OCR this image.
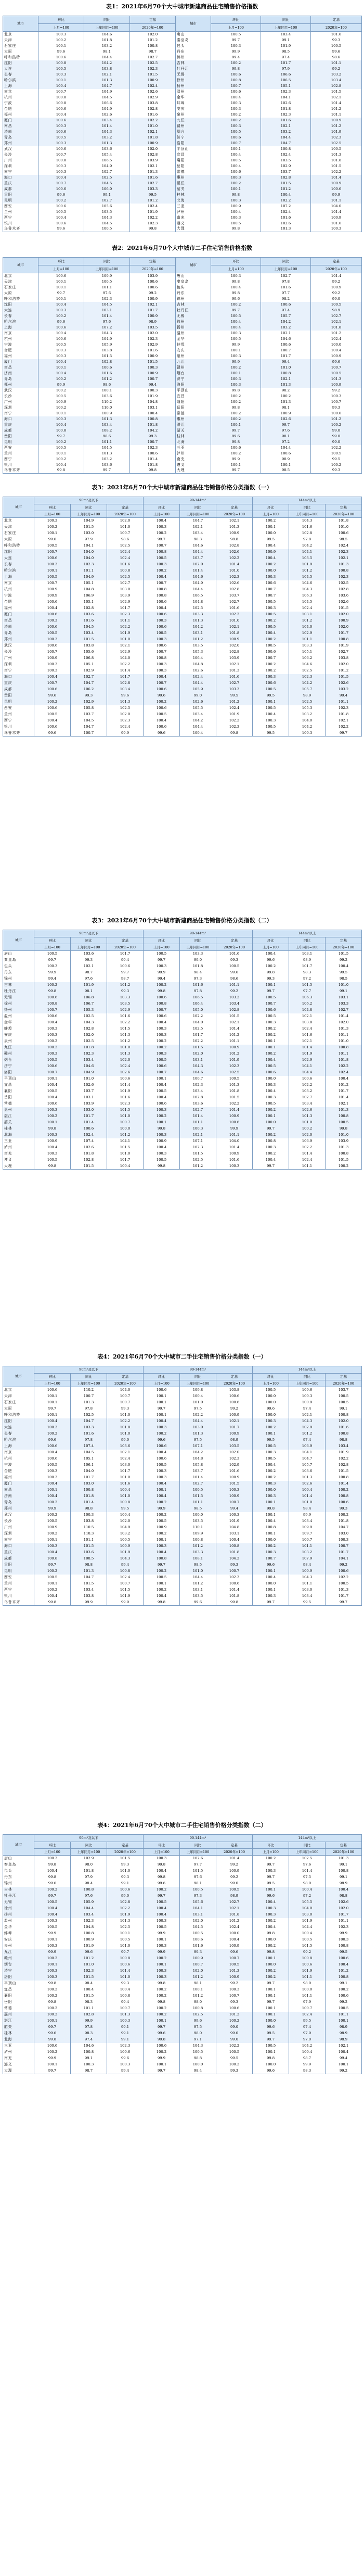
表1：2021年6月70个大中城市新建商品住宅销售价格指数
城市	环比	同比	定基	城市	环比	同比	定基
	上月=100	上年同月=100	2020年=100		上月=100	上年同月=100	2020年=100
北京	100.3	104.6	102.0	唐山	100.5	103.4	101.6
天津	100.2	101.8	101.2	秦皇岛	99.7	99.1	99.3
石家庄	100.1	103.2	100.8	包头	100.3	101.9	100.5
太原	99.6	98.1	98.7	丹东	99.9	98.5	99.6
呼和浩特	100.6	104.4	102.7	锦州	99.4	97.4	98.6
沈阳	100.8	104.2	102.5	吉林	100.2	101.7	101.1
大连	100.5	103.8	102.3	牡丹江	99.8	97.9	99.2
长春	100.3	102.1	101.5	无锡	100.6	106.6	103.2
哈尔滨	100.1	101.3	100.9	徐州	100.8	106.5	103.4
上海	100.4	104.7	102.4	扬州	100.7	105.1	102.8
南京	100.7	104.9	102.6	温州	100.6	102.3	101.5
杭州	100.8	104.5	102.9	金华	100.4	104.1	102.1
宁波	100.8	106.6	103.8	蚌埠	100.3	102.6	101.4
合肥	100.6	104.9	102.8	安庆	100.3	101.8	101.2
福州	100.4	102.6	101.6	泉州	100.2	102.3	101.1
厦门	100.6	103.4	102.2	九江	100.2	101.6	100.9
南昌	100.3	101.4	101.0	赣州	100.3	102.1	101.2
济南	100.6	104.3	102.1	烟台	100.5	103.2	101.9
青岛	100.5	103.2	101.8	济宁	100.6	104.4	102.3
郑州	100.3	101.3	100.9	洛阳	100.7	104.7	102.5
武汉	100.6	103.6	102.0	平顶山	100.1	100.8	100.5
长沙	100.7	105.4	102.8	宜昌	100.4	102.4	101.3
广州	100.8	106.5	103.9	襄阳	100.5	103.5	101.8
深圳	100.3	104.9	102.1	岳阳	100.4	102.9	101.5
南宁	100.3	102.7	101.3	常德	100.6	103.7	102.2
海口	100.4	102.5	101.6	惠州	100.3	102.8	101.4
重庆	100.7	104.5	102.7	湛江	100.2	101.5	100.9
成都	100.6	106.0	103.3	韶关	100.1	101.2	100.6
贵阳	99.6	99.1	99.5	桂林	99.8	100.4	99.9
昆明	100.2	102.7	101.2	北海	100.3	102.2	101.1
西安	100.6	105.6	102.4	三亚	100.9	107.2	104.0
兰州	100.5	103.5	101.9	泸州	100.4	102.4	101.4
西宁	100.4	104.3	102.2	南充	100.3	101.6	100.9
银川	100.6	104.5	102.3	遵义	100.5	102.6	101.6
乌鲁木齐	99.6	100.5	99.8	大理	99.8	101.3	100.3
表2：2021年6月70个大中城市二手住宅销售价格指数
城市	环比	同比	定基	城市	环比	同比	定基
	上月=100	上年同月=100	2020年=100		上月=100	上年同月=100	2020年=100
北京	100.6	109.9	103.9	唐山	100.3	102.7	101.4
天津	100.1	100.5	100.6	秦皇岛	99.8	97.8	99.2
石家庄	100.1	101.1	100.6	包头	100.4	101.6	100.9
太原	99.7	97.6	99.2	丹东	99.8	97.7	99.2
呼和浩特	100.1	102.3	100.9	锦州	99.6	98.2	99.0
沈阳	100.4	104.5	102.1	吉林	100.2	100.6	100.5
大连	100.3	103.1	101.7	牡丹江	99.7	97.4	98.9
长春	100.2	101.4	100.9	无锡	100.5	105.7	102.7
哈尔滨	99.6	97.6	98.9	徐州	100.4	104.2	102.1
上海	100.6	107.2	103.5	扬州	100.4	103.2	101.8
南京	100.4	104.3	102.0	温州	100.3	102.1	101.2
杭州	100.6	104.9	102.3	金华	100.5	104.6	102.4
宁波	100.5	105.9	102.9	蚌埠	99.9	100.6	100.0
合肥	100.3	103.8	101.6	安庆	100.1	100.7	100.4
福州	100.3	101.5	100.9	泉州	100.3	101.7	100.9
厦门	100.4	102.8	101.5	九江	99.9	99.4	99.6
南昌	100.1	100.6	100.3	赣州	100.2	101.0	100.7
济南	100.4	101.6	100.9	烟台	100.1	100.8	100.5
青岛	100.2	101.2	100.7	济宁	100.3	102.1	101.3
郑州	99.9	98.6	99.4	洛阳	100.3	101.3	100.9
武汉	100.2	100.1	100.3	平顶山	99.8	98.2	99.2
长沙	100.5	103.6	101.9	宜昌	100.2	100.2	100.3
广州	100.9	110.2	104.8	襄阳	100.2	101.3	100.7
深圳	100.2	110.0	103.1	岳阳	99.8	98.1	99.3
南宁	100.1	100.9	100.4	常德	100.2	100.9	100.6
海口	100.3	101.3	100.8	惠州	100.2	102.6	101.2
重庆	100.4	103.4	101.8	湛江	100.1	99.7	100.2
成都	100.8	108.2	104.2	韶关	99.7	97.6	99.0
贵阳	99.7	98.6	99.3	桂林	99.6	98.1	99.0
昆明	100.2	101.1	100.7	北海	99.8	97.2	99.0
西安	100.5	104.5	102.3	三亚	100.6	104.4	102.2
兰州	100.1	101.3	100.6	泸州	100.2	100.6	100.5
西宁	100.2	103.2	101.4	南充	99.9	98.9	99.5
银川	100.4	103.6	101.8	遵义	100.1	100.1	100.2
乌鲁木齐	99.8	99.7	99.8	大理	99.7	98.5	99.3
表3：2021年6月70个大中城市新建商品住宅销售价格分类指数（一）
城市	90m²及以下			90-144m²			144m²以上		
	环比	同比	定基	环比	同比	定基	环比	同比	定基
	上月=100	上年同月=100	2020年=100	上月=100	上年同月=100	2020年=100	上月=100	上年同月=100	2020年=100
北京	100.3	104.9	102.0	100.4	104.7	102.1	100.2	104.3	101.8
天津	100.2	101.5	101.0	100.3	102.1	101.3	100.1	101.6	101.0
石家庄	100.1	103.0	100.7	100.2	103.4	100.9	100.0	102.8	100.6
太原	99.6	97.9	98.6	99.7	98.3	98.8	99.5	97.8	98.5
呼和浩特	100.5	104.1	102.5	100.7	104.6	102.8	100.4	104.2	102.4
沈阳	100.7	104.0	102.4	100.8	104.4	102.6	100.9	104.1	102.3
大连	100.6	104.0	102.4	100.5	103.7	102.2	100.4	103.5	102.1
长春	100.3	102.3	101.6	100.3	102.0	101.4	100.2	101.9	101.3
哈尔滨	100.1	101.1	100.8	100.2	101.4	101.0	100.0	101.2	100.8
上海	100.5	104.9	102.5	100.4	104.6	102.3	100.3	104.5	102.3
南京	100.7	105.1	102.7	100.7	104.9	102.6	100.6	104.6	102.5
杭州	100.9	104.8	103.0	100.8	104.4	102.8	100.7	104.3	102.8
宁波	100.9	106.9	103.9	100.8	106.5	103.7	100.7	106.3	103.6
合肥	100.6	105.1	102.9	100.6	104.8	102.7	100.5	104.5	102.6
福州	100.4	102.8	101.7	100.4	102.5	101.6	100.3	102.4	101.5
厦门	100.6	103.6	102.3	100.6	103.3	102.2	100.5	103.1	102.0
南昌	100.3	101.6	101.1	100.3	101.3	101.0	100.2	101.2	100.9
济南	100.6	104.5	102.2	100.6	104.2	102.1	100.5	104.0	102.0
青岛	100.5	103.4	101.9	100.5	103.1	101.8	100.4	102.9	101.7
郑州	100.3	101.5	101.0	100.3	101.2	100.9	100.2	101.1	100.8
武汉	100.6	103.8	102.1	100.6	103.5	102.0	100.5	103.3	101.9
长沙	100.7	105.6	102.9	100.7	105.3	102.8	100.6	105.1	102.7
广州	100.9	106.8	104.0	100.8	106.4	103.9	100.7	106.2	103.8
深圳	100.3	105.1	102.2	100.3	104.8	102.1	100.2	104.6	102.0
南宁	100.3	102.9	101.4	100.3	102.6	101.3	100.2	102.5	101.2
海口	100.4	102.7	101.7	100.4	102.4	101.6	100.3	102.3	101.5
重庆	100.7	104.7	102.8	100.7	104.4	102.7	100.6	104.2	102.6
成都	100.6	106.2	103.4	100.6	105.9	103.3	100.5	105.7	103.2
贵阳	99.6	99.3	99.6	99.6	99.0	99.5	99.5	98.9	99.4
昆明	100.2	102.9	101.3	100.2	102.6	101.2	100.1	102.5	101.1
西安	100.6	105.8	102.5	100.6	105.5	102.4	100.5	105.3	102.3
兰州	100.5	103.7	102.0	100.5	103.4	101.9	100.4	103.2	101.8
西宁	100.4	104.5	102.3	100.4	104.2	102.2	100.3	104.0	102.1
银川	100.6	104.7	102.4	100.6	104.4	102.3	100.5	104.2	102.2
乌鲁木齐	99.6	100.7	99.9	99.6	100.4	99.8	99.5	100.3	99.7
表3：2021年6月70个大中城市新建商品住宅销售价格分类指数（二）
城市	90m²及以下			90-144m²			144m²以上		
	环比	同比	定基	环比	同比	定基	环比	同比	定基
	上月=100	上年同月=100	2020年=100	上月=100	上年同月=100	2020年=100	上月=100	上年同月=100	2020年=100
唐山	100.5	103.6	101.7	100.5	103.3	101.6	100.4	103.1	101.5
秦皇岛	99.7	99.3	99.4	99.7	99.0	99.3	99.6	98.9	99.2
包头	100.3	102.1	100.6	100.3	101.8	100.5	100.2	101.7	100.4
丹东	99.9	98.7	99.7	99.9	98.4	99.6	99.8	98.3	99.5
锦州	99.4	97.6	98.7	99.4	97.3	98.6	99.3	97.2	98.5
吉林	100.2	101.9	101.2	100.2	101.6	101.1	100.1	101.5	101.0
牡丹江	99.8	98.1	99.3	99.8	97.8	99.2	99.7	97.7	99.1
无锡	100.6	106.8	103.3	100.6	106.5	103.2	100.5	106.3	103.1
徐州	100.8	106.7	103.5	100.8	106.4	103.4	100.7	106.2	103.3
扬州	100.7	105.3	102.9	100.7	105.0	102.8	100.6	104.8	102.7
温州	100.6	102.5	101.6	100.6	102.2	101.5	100.5	102.1	101.4
金华	100.4	104.3	102.2	100.4	104.0	102.1	100.3	103.8	102.0
蚌埠	100.3	102.8	101.5	100.3	102.5	101.4	100.2	102.4	101.3
安庆	100.3	102.0	101.3	100.3	101.7	101.2	100.2	101.6	101.1
泉州	100.2	102.5	101.2	100.2	102.2	101.1	100.1	102.1	101.0
九江	100.2	101.8	101.0	100.2	101.5	100.9	100.1	101.4	100.8
赣州	100.3	102.3	101.3	100.3	102.0	101.2	100.2	101.9	101.1
烟台	100.5	103.4	102.0	100.5	103.1	101.9	100.4	102.9	101.8
济宁	100.6	104.6	102.4	100.6	104.3	102.3	100.5	104.1	102.2
洛阳	100.7	104.9	102.6	100.7	104.6	102.5	100.6	104.4	102.4
平顶山	100.1	101.0	100.6	100.1	100.7	100.5	100.0	100.6	100.4
宜昌	100.4	102.6	101.4	100.4	102.3	101.3	100.3	102.2	101.2
襄阳	100.5	103.7	101.9	100.5	103.4	101.8	100.4	103.2	101.7
岳阳	100.4	103.1	101.6	100.4	102.8	101.5	100.3	102.7	101.4
常德	100.6	103.9	102.3	100.6	103.6	102.2	100.5	103.4	102.1
惠州	100.3	103.0	101.5	100.3	102.7	101.4	100.2	102.6	101.3
湛江	100.2	101.7	101.0	100.2	101.4	100.9	100.1	101.3	100.8
韶关	100.1	101.4	100.7	100.1	101.1	100.6	100.0	101.0	100.5
桂林	99.8	100.6	100.0	99.8	100.3	99.9	99.7	100.2	99.8
北海	100.3	102.4	101.2	100.3	102.1	101.1	100.2	102.0	101.0
三亚	100.9	107.4	104.1	100.9	107.1	104.0	100.8	106.9	103.9
泸州	100.4	102.6	101.5	100.4	102.3	101.4	100.3	102.2	101.3
南充	100.3	101.8	101.0	100.3	101.5	100.9	100.2	101.4	100.8
遵义	100.5	102.8	101.7	100.5	102.5	101.6	100.4	102.4	101.5
大理	99.8	101.5	100.4	99.8	101.2	100.3	99.7	101.1	100.2
表4：2021年6月70个大中城市二手住宅销售价格分类指数（一）
城市	90m²及以下			90-144m²			144m²以上		
	环比	同比	定基	环比	同比	定基	环比	同比	定基
	上月=100	上年同月=100	2020年=100	上月=100	上年同月=100	2020年=100	上月=100	上年同月=100	2020年=100
北京	100.6	110.2	104.0	100.6	109.8	103.8	100.5	109.6	103.7
天津	100.1	100.7	100.7	100.1	100.4	100.6	100.0	100.3	100.5
石家庄	100.1	101.3	100.7	100.1	101.0	100.6	100.0	100.9	100.5
太原	99.7	97.8	99.3	99.7	97.5	99.2	99.6	97.4	99.1
呼和浩特	100.1	102.5	101.0	100.1	102.2	100.9	100.0	102.1	100.8
沈阳	100.4	104.7	102.2	100.4	104.4	102.1	100.3	104.3	102.0
大连	100.3	103.3	101.8	100.3	103.0	101.7	100.2	102.9	101.6
长春	100.2	101.6	101.0	100.2	101.3	100.9	100.1	101.2	100.8
哈尔滨	99.6	97.8	99.0	99.6	97.5	98.9	99.5	97.4	98.8
上海	100.6	107.4	103.6	100.6	107.1	103.5	100.5	106.9	103.4
南京	100.4	104.5	102.1	100.4	104.2	102.0	100.3	104.1	101.9
杭州	100.6	105.1	102.4	100.6	104.8	102.3	100.5	104.7	102.2
宁波	100.5	106.1	103.0	100.5	105.8	102.9	100.4	105.7	102.8
合肥	100.3	104.0	101.7	100.3	103.7	101.6	100.2	103.6	101.5
福州	100.3	101.7	101.0	100.3	101.4	100.9	100.2	101.3	100.8
厦门	100.4	103.0	101.6	100.4	102.7	101.5	100.3	102.6	101.4
南昌	100.1	100.8	100.4	100.1	100.5	100.3	100.0	100.4	100.2
济南	100.4	101.8	101.0	100.4	101.5	100.9	100.3	101.4	100.8
青岛	100.2	101.4	100.8	100.2	101.1	100.7	100.1	101.0	100.6
郑州	99.9	98.8	99.5	99.9	98.5	99.4	99.8	98.4	99.3
武汉	100.2	100.3	100.4	100.2	100.0	100.3	100.1	99.9	100.2
长沙	100.5	103.8	102.0	100.5	103.5	101.9	100.4	103.4	101.8
广州	100.9	110.5	104.9	100.9	110.1	104.8	100.8	109.9	104.7
深圳	100.2	110.3	103.2	100.2	109.9	103.1	100.1	109.7	103.0
南宁	100.1	101.1	100.5	100.1	100.8	100.4	100.0	100.7	100.3
海口	100.3	101.5	100.9	100.3	101.2	100.8	100.2	101.1	100.7
重庆	100.4	103.6	101.9	100.4	103.3	101.8	100.3	103.2	101.7
成都	100.8	108.5	104.3	100.8	108.1	104.2	100.7	107.9	104.1
贵阳	99.7	98.8	99.4	99.7	98.5	99.3	99.6	98.4	99.2
昆明	100.2	101.3	100.8	100.2	101.0	100.7	100.1	100.9	100.6
西安	100.5	104.7	102.4	100.5	104.4	102.3	100.4	104.3	102.2
兰州	100.1	101.5	100.7	100.1	101.2	100.6	100.0	101.1	100.5
西宁	100.2	103.4	101.5	100.2	103.1	101.4	100.1	103.0	101.3
银川	100.4	103.8	101.9	100.4	103.5	101.8	100.3	103.4	101.7
乌鲁木齐	99.8	99.9	99.9	99.8	99.6	99.8	99.7	99.5	99.7
表4：2021年6月70个大中城市二手住宅销售价格分类指数（二）
城市	90m²及以下			90-144m²			144m²以上		
	环比	同比	定基	环比	同比	定基	环比	同比	定基
	上月=100	上年同月=100	2020年=100	上月=100	上年同月=100	2020年=100	上月=100	上年同月=100	2020年=100
唐山	100.3	102.9	101.5	100.3	102.6	101.4	100.2	102.5	101.3
秦皇岛	99.8	98.0	99.3	99.8	97.7	99.2	99.7	97.6	99.1
包头	100.4	101.8	101.0	100.4	101.5	100.9	100.3	101.4	100.8
丹东	99.8	97.9	99.3	99.8	97.6	99.2	99.7	97.5	99.1
锦州	99.6	98.4	99.1	99.6	98.1	99.0	99.5	98.0	98.9
吉林	100.2	100.8	100.6	100.2	100.5	100.5	100.1	100.4	100.4
牡丹江	99.7	97.6	99.0	99.7	97.3	98.9	99.6	97.2	98.8
无锡	100.5	105.9	102.8	100.5	105.6	102.7	100.4	105.5	102.6
徐州	100.4	104.4	102.2	100.4	104.1	102.1	100.3	104.0	102.0
扬州	100.4	103.4	101.9	100.4	103.1	101.8	100.3	103.0	101.7
温州	100.3	102.3	101.3	100.3	102.0	101.2	100.2	101.9	101.1
金华	100.5	104.8	102.5	100.5	104.5	102.4	100.4	104.4	102.3
蚌埠	99.9	100.8	100.1	99.9	100.5	100.0	99.8	100.4	99.9
安庆	100.1	100.9	100.5	100.1	100.6	100.4	100.0	100.5	100.3
泉州	100.3	101.9	101.0	100.3	101.6	100.9	100.2	101.5	100.8
九江	99.9	99.6	99.7	99.9	99.3	99.6	99.8	99.2	99.5
赣州	100.2	101.2	100.8	100.2	100.9	100.7	100.1	100.8	100.6
烟台	100.1	101.0	100.6	100.1	100.7	100.5	100.0	100.6	100.4
济宁	100.3	102.3	101.4	100.3	102.0	101.3	100.2	101.9	101.2
洛阳	100.3	101.5	101.0	100.3	101.2	100.9	100.2	101.1	100.8
平顶山	99.8	98.4	99.3	99.8	98.1	99.2	99.7	98.0	99.1
宜昌	100.2	100.4	100.4	100.2	100.1	100.3	100.1	100.0	100.2
襄阳	100.2	101.5	100.8	100.2	101.2	100.7	100.1	101.1	100.6
岳阳	99.8	98.3	99.4	99.8	98.0	99.3	99.7	97.9	99.2
常德	100.2	101.1	100.7	100.2	100.8	100.6	100.1	100.7	100.5
惠州	100.2	102.8	101.3	100.2	102.5	101.2	100.1	102.4	101.1
湛江	100.1	99.9	100.3	100.1	99.6	100.2	100.0	99.5	100.1
韶关	99.7	97.8	99.1	99.7	97.5	99.0	99.6	97.4	98.9
桂林	99.6	98.3	99.1	99.6	98.0	99.0	99.5	97.9	98.9
北海	99.8	97.4	99.1	99.8	97.1	99.0	99.7	97.0	98.9
三亚	100.6	104.6	102.3	100.6	104.3	102.2	100.5	104.2	102.1
泸州	100.2	100.8	100.6	100.2	100.5	100.5	100.1	100.4	100.4
南充	99.9	99.1	99.6	99.9	98.8	99.5	99.8	98.7	99.4
遵义	100.1	100.3	100.3	100.1	100.0	100.2	100.0	99.9	100.1
大理	99.7	98.7	99.4	99.7	98.4	99.3	99.6	98.3	99.2
